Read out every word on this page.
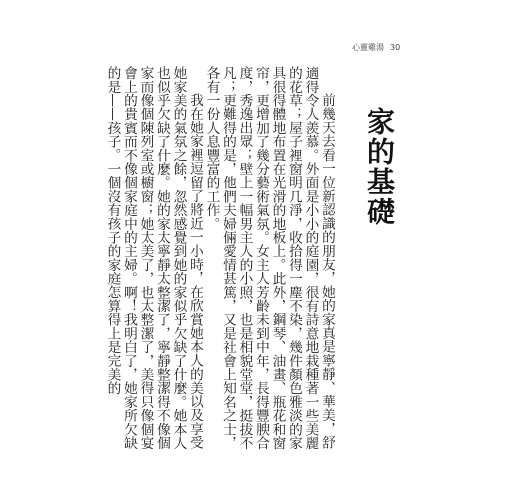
心靈雞湯 30
家的基礎

前幾天去看一位新認識的朋友，她的家真是寧靜、華美，舒適得令人羨慕。外面是小小的庭園，很有詩意地栽種著一些美麗的花草；屋子裡窗明几淨，收拾得一塵不染，幾件顏色雅淡的家具很得體地布置在光滑的地板上。此外，鋼琴、油畫、瓶花和窗帘，更增加了幾分藝術氣氛。女主人芳齡未到中年，長得豐腴合度，秀逸出眾；壁上一幅男主人的小照，也是相貌堂堂，挺拔不凡；更難得的是，他們夫婦倆愛情甚篤，又是社會上知名之士，各有一份人息豐富的工作。

我在她家裡逗留了將近一小時，在欣賞她本人的美以及享受她家美的氣氛之餘，忽然感覺到她的家似乎欠缺了什麼。她本人也似乎欠缺了什麼。她的家太寧靜太整潔了，寧靜整潔得不像個家而像個陳列室或櫥窗；她太美了，也太整潔了，美得只像個宴會上的貴賓而不像個家庭中的主婦。啊！我明白了，她家所欠缺的是——孩子。一個沒有孩子的家庭怎算得上是完美的
